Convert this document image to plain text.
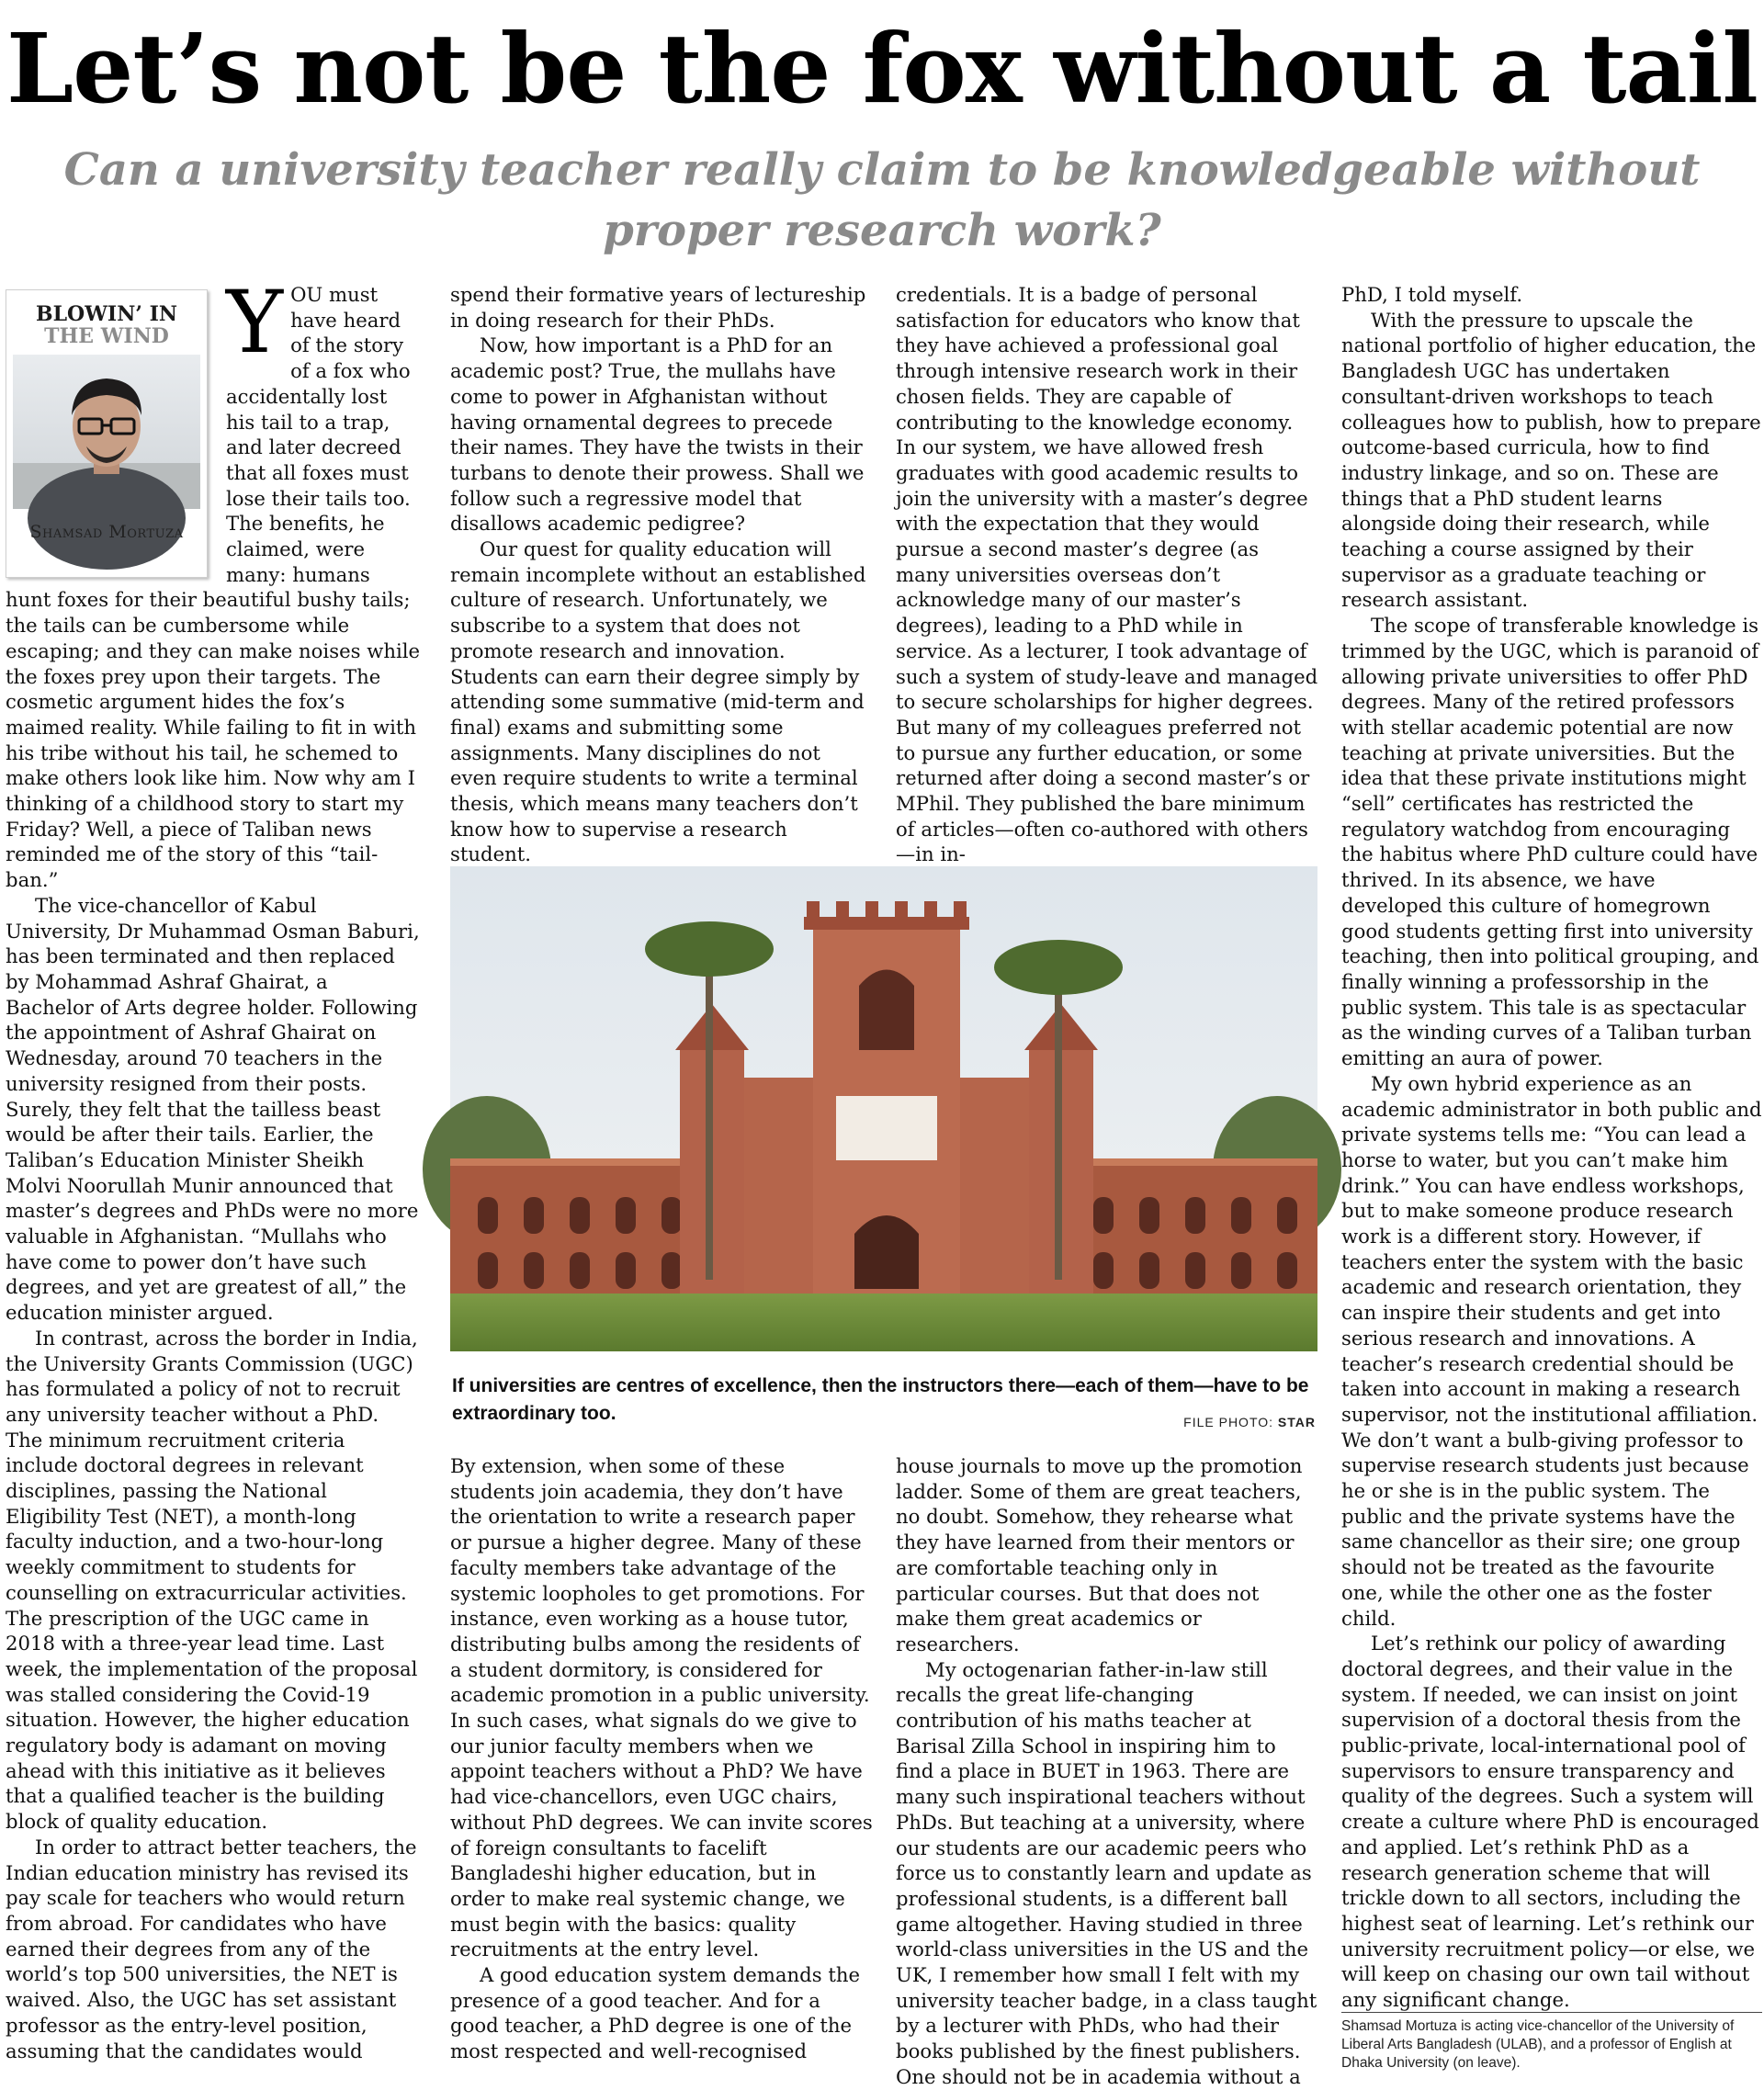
Let’s not be the fox without a tail
Can a university teacher really claim to be knowledgeable without proper research work?
BLOWIN’ IN
THE WIND
Shamsad Mortuza
Y OU must have heard of the story of a fox who accidentally lost his tail to a trap, and later decreed that all foxes must lose their tails too. The benefits, he claimed, were many: humans hunt foxes for their beautiful bushy tails; the tails can be cumbersome while escaping; and they can make noises while the foxes prey upon their targets. The cosmetic argument hides the fox’s maimed reality. While failing to fit in with his tribe without his tail, he schemed to make others look like him. Now why am I thinking of a childhood story to start my Friday? Well, a piece of Taliban news reminded me of the story of this “tail-ban.”

The vice-chancellor of Kabul University, Dr Muhammad Osman Baburi, has been terminated and then replaced by Mohammad Ashraf Ghairat, a Bachelor of Arts degree holder. Following the appointment of Ashraf Ghairat on Wednesday, around 70 teachers in the university resigned from their posts. Surely, they felt that the tailless beast would be after their tails. Earlier, the Taliban’s Education Minister Sheikh Molvi Noorullah Munir announced that master’s degrees and PhDs were no more valuable in Afghanistan. “Mullahs who have come to power don’t have such degrees, and yet are greatest of all,” the education minister argued.

In contrast, across the border in India, the University Grants Commission (UGC) has formulated a policy of not to recruit any university teacher without a PhD. The minimum recruitment criteria include doctoral degrees in relevant disciplines, passing the National Eligibility Test (NET), a month-long faculty induction, and a two-hour-long weekly commitment to students for counselling on extracurricular activities. The prescription of the UGC came in 2018 with a three-year lead time. Last week, the implementation of the proposal was stalled considering the Covid-19 situation. However, the higher education regulatory body is adamant on moving ahead with this initiative as it believes that a qualified teacher is the building block of quality education.

In order to attract better teachers, the Indian education ministry has revised its pay scale for teachers who would return from abroad. For candidates who have earned their degrees from any of the world’s top 500 universities, the NET is waived. Also, the UGC has set assistant professor as the entry-level position, assuming that the candidates would

spend their formative years of lectureship in doing research for their PhDs.

Now, how important is a PhD for an academic post? True, the mullahs have come to power in Afghanistan without having ornamental degrees to precede their names. They have the twists in their turbans to denote their prowess. Shall we follow such a regressive model that disallows academic pedigree?

Our quest for quality education will remain incomplete without an established culture of research. Unfortunately, we subscribe to a system that does not promote research and innovation. Students can earn their degree simply by attending some summative (mid-term and final) exams and submitting some assignments. Many disciplines do not even require students to write a terminal thesis, which means many teachers don’t know how to supervise a research student.

credentials. It is a badge of personal satisfaction for educators who know that they have achieved a professional goal through intensive research work in their chosen fields. They are capable of contributing to the knowledge economy. In our system, we have allowed fresh graduates with good academic results to join the university with a master’s degree with the expectation that they would pursue a second master’s degree (as many universities overseas don’t acknowledge many of our master’s degrees), leading to a PhD while in service. As a lecturer, I took advantage of such a system of study-leave and managed to secure scholarships for higher degrees. But many of my colleagues preferred not to pursue any further education, or some returned after doing a second master’s or MPhil. They published the bare minimum of articles—often co-authored with others—in in-

PhD, I told myself.

With the pressure to upscale the national portfolio of higher education, the Bangladesh UGC has undertaken consultant-driven workshops to teach colleagues how to publish, how to prepare outcome-based curricula, how to find industry linkage, and so on. These are things that a PhD student learns alongside doing their research, while teaching a course assigned by their supervisor as a graduate teaching or research assistant.

The scope of transferable knowledge is trimmed by the UGC, which is paranoid of allowing private universities to offer PhD degrees. Many of the retired professors with stellar academic potential are now teaching at private universities. But the idea that these private institutions might “sell” certificates has restricted the regulatory watchdog from encouraging the habitus where PhD culture could have thrived. In its absence, we have developed this culture of homegrown good students getting first into university teaching, then into political grouping, and finally winning a professorship in the public system. This tale is as spectacular as the winding curves of a Taliban turban emitting an aura of power.

My own hybrid experience as an academic administrator in both public and private systems tells me: “You can lead a horse to water, but you can’t make him drink.” You can have endless workshops, but to make someone produce research work is a different story. However, if teachers enter the system with the basic academic and research orientation, they can inspire their students and get into serious research and innovations. A teacher’s research credential should be taken into account in making a research supervisor, not the institutional affiliation. We don’t want a bulb-giving professor to supervise research students just because he or she is in the public system. The public and the private systems have the same chancellor as their sire; one group should not be treated as the favourite one, while the other one as the foster child.

Let’s rethink our policy of awarding doctoral degrees, and their value in the system. If needed, we can insist on joint supervision of a doctoral thesis from the public-private, local-international pool of supervisors to ensure transparency and quality of the degrees. Such a system will create a culture where PhD is encouraged and applied. Let’s rethink PhD as a research generation scheme that will trickle down to all sectors, including the highest seat of learning. Let’s rethink our university recruitment policy—or else, we will keep on chasing our own tail without any significant change.

If universities are centres of excellence, then the instructors there—each of them—have to be extraordinary too.	FILE PHOTO: STAR

By extension, when some of these students join academia, they don’t have the orientation to write a research paper or pursue a higher degree. Many of these faculty members take advantage of the systemic loopholes to get promotions. For instance, even working as a house tutor, distributing bulbs among the residents of a student dormitory, is considered for academic promotion in a public university. In such cases, what signals do we give to our junior faculty members when we appoint teachers without a PhD? We have had vice-chancellors, even UGC chairs, without PhD degrees. We can invite scores of foreign consultants to facelift Bangladeshi higher education, but in order to make real systemic change, we must begin with the basics: quality recruitments at the entry level.

A good education system demands the presence of a good teacher. And for a good teacher, a PhD degree is one of the most respected and well-recognised

house journals to move up the promotion ladder. Some of them are great teachers, no doubt. Somehow, they rehearse what they have learned from their mentors or are comfortable teaching only in particular courses. But that does not make them great academics or researchers.

My octogenarian father-in-law still recalls the great life-changing contribution of his maths teacher at Barisal Zilla School in inspiring him to find a place in BUET in 1963. There are many such inspirational teachers without PhDs. But teaching at a university, where our students are our academic peers who force us to constantly learn and update as professional students, is a different ball game altogether. Having studied in three world-class universities in the US and the UK, I remember how small I felt with my university teacher badge, in a class taught by a lecturer with PhDs, who had their books published by the finest publishers. One should not be in academia without a

Shamsad Mortuza is acting vice-chancellor of the University of Liberal Arts Bangladesh (ULAB), and a professor of English at Dhaka University (on leave).
